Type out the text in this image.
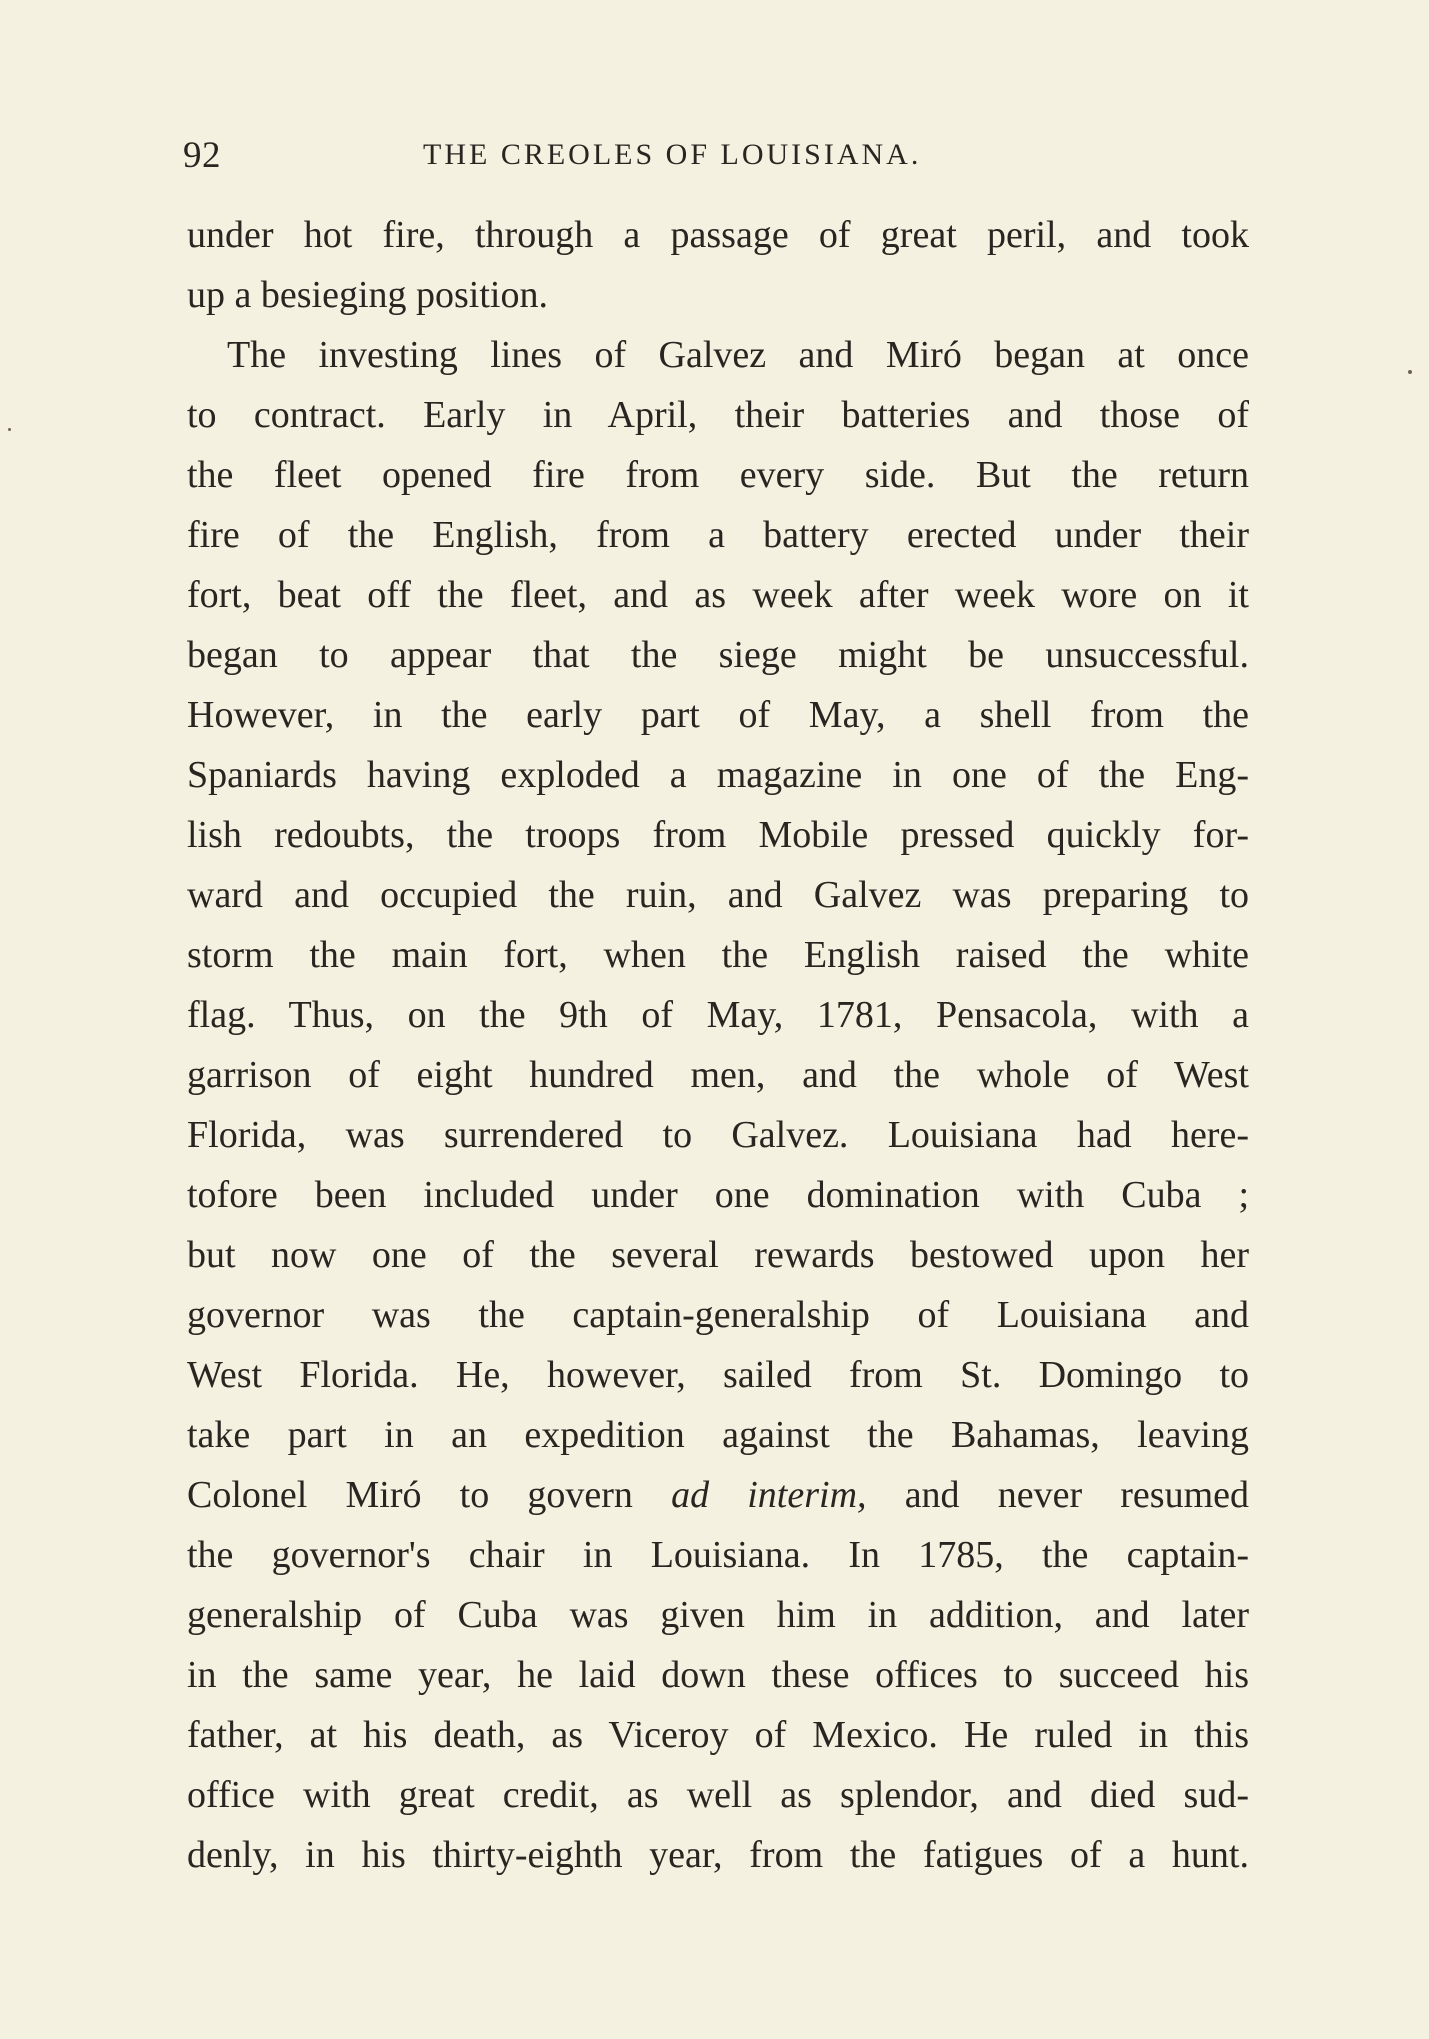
92	THE CREOLES OF LOUISIANA.
under hot fire, through a passage of great peril, and took
up a besieging position.
The investing lines of Galvez and Miró began at once
to contract. Early in April, their batteries and those of
the fleet opened fire from every side. But the return
fire of the English, from a battery erected under their
fort, beat off the fleet, and as week after week wore on it
began to appear that the siege might be unsuccessful.
However, in the early part of May, a shell from the
Spaniards having exploded a magazine in one of the Eng-
lish redoubts, the troops from Mobile pressed quickly for-
ward and occupied the ruin, and Galvez was preparing to
storm the main fort, when the English raised the white
flag. Thus, on the 9th of May, 1781, Pensacola, with a
garrison of eight hundred men, and the whole of West
Florida, was surrendered to Galvez. Louisiana had here-
tofore been included under one domination with Cuba ;
but now one of the several rewards bestowed upon her
governor was the captain-generalship of Louisiana and
West Florida. He, however, sailed from St. Domingo to
take part in an expedition against the Bahamas, leaving
Colonel Miró to govern ad interim, and never resumed
the governor's chair in Louisiana. In 1785, the captain-
generalship of Cuba was given him in addition, and later
in the same year, he laid down these offices to succeed his
father, at his death, as Viceroy of Mexico. He ruled in this
office with great credit, as well as splendor, and died sud-
denly, in his thirty-eighth year, from the fatigues of a hunt.
